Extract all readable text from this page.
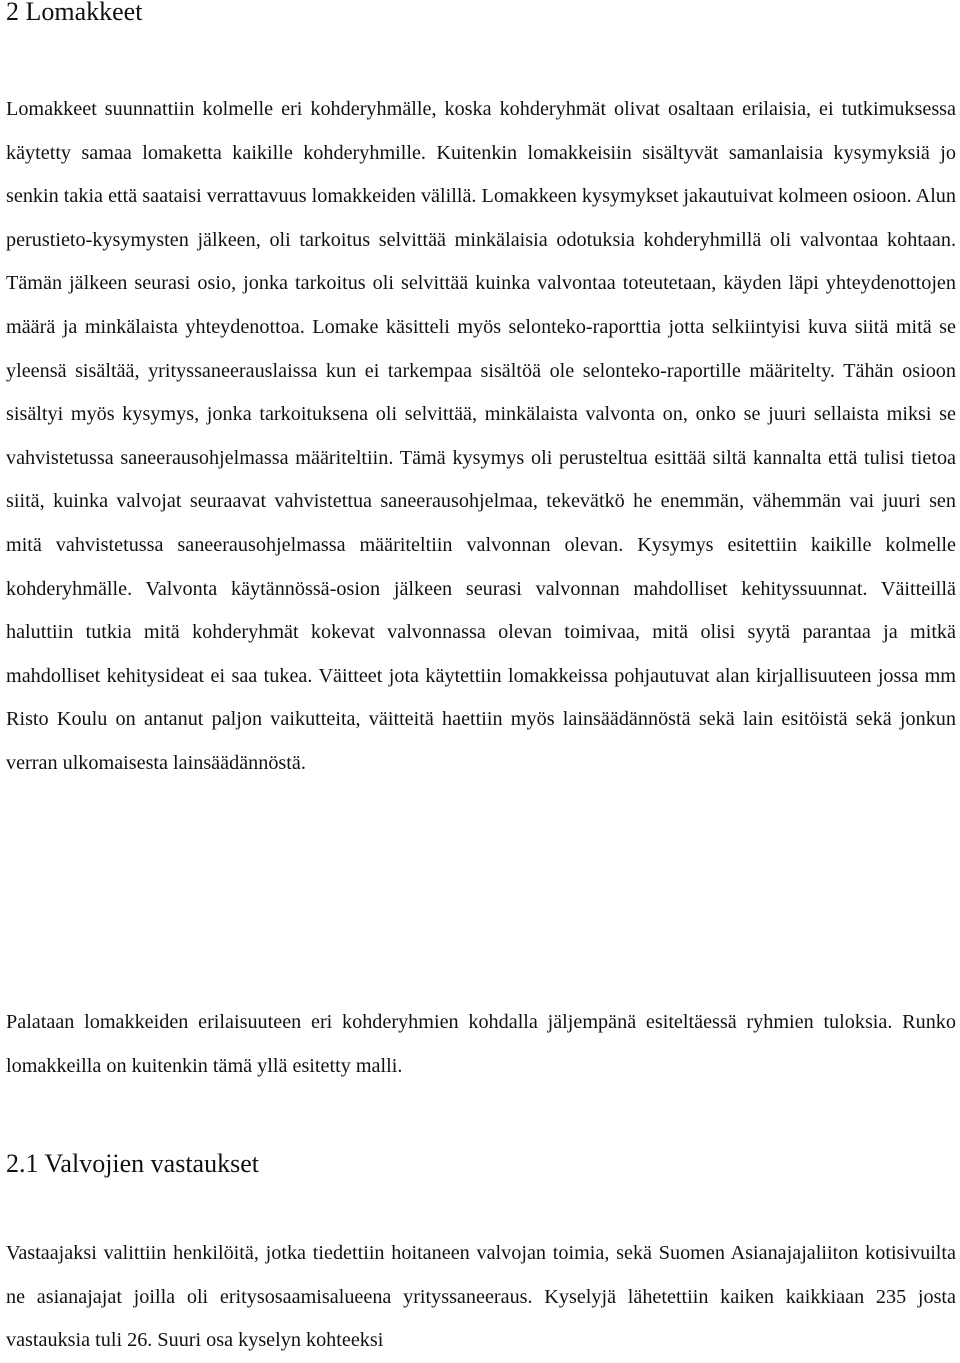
2 Lomakkeet

Lomakkeet suunnattiin kolmelle eri kohderyhmälle, koska kohderyhmät olivat osaltaan erilaisia, ei tutkimuksessa käytetty samaa lomaketta kaikille kohderyhmille. Kuitenkin lomakkeisiin sisältyvät samanlaisia kysymyksiä jo senkin takia että saataisi verrattavuus lomakkeiden välillä. Lomakkeen kysymykset jakautuivat kolmeen osioon. Alun perustieto-kysymysten jälkeen, oli tarkoitus selvittää minkälaisia odotuksia kohderyhmillä oli valvontaa kohtaan. Tämän jälkeen seurasi osio, jonka tarkoitus oli selvittää kuinka valvontaa toteutetaan, käyden läpi yhteydenottojen määrä ja minkälaista yhteydenottoa. Lomake käsitteli myös selonteko-raporttia jotta selkiintyisi kuva siitä mitä se yleensä sisältää, yrityssaneerauslaissa kun ei tarkempaa sisältöä ole selonteko-raportille määritelty. Tähän osioon sisältyi myös kysymys, jonka tarkoituksena oli selvittää, minkälaista valvonta on, onko se juuri sellaista miksi se vahvistetussa saneerausohjelmassa määriteltiin. Tämä kysymys oli perusteltua esittää siltä kannalta että tulisi tietoa siitä, kuinka valvojat seuraavat vahvistettua saneerausohjelmaa, tekevätkö he enemmän, vähemmän vai juuri sen mitä vahvistetussa saneerausohjelmassa määriteltiin valvonnan olevan. Kysymys esitettiin kaikille kolmelle kohderyhmälle. Valvonta käytännössä-osion jälkeen seurasi valvonnan mahdolliset kehityssuunnat. Väitteillä haluttiin tutkia mitä kohderyhmät kokevat valvonnassa olevan toimivaa, mitä olisi syytä parantaa ja mitkä mahdolliset kehitysideat ei saa tukea. Väitteet jota käytettiin lomakkeissa pohjautuvat alan kirjallisuuteen jossa mm Risto Koulu on antanut paljon vaikutteita, väitteitä haettiin myös lainsäädännöstä sekä lain esitöistä sekä jonkun verran ulkomaisesta lainsäädännöstä.

Palataan lomakkeiden erilaisuuteen eri kohderyhmien kohdalla jäljempänä esiteltäessä ryhmien tuloksia. Runko lomakkeilla on kuitenkin tämä yllä esitetty malli.

2.1 Valvojien vastaukset

Vastaajaksi valittiin henkilöitä, jotka tiedettiin hoitaneen valvojan toimia, sekä Suomen Asianajajaliiton kotisivuilta ne asianajajat joilla oli eritysosaamisalueena yrityssaneeraus. Kyselyjä lähetettiin kaiken kaikkiaan 235 josta vastauksia tuli 26. Suuri osa kyselyn kohteeksi
